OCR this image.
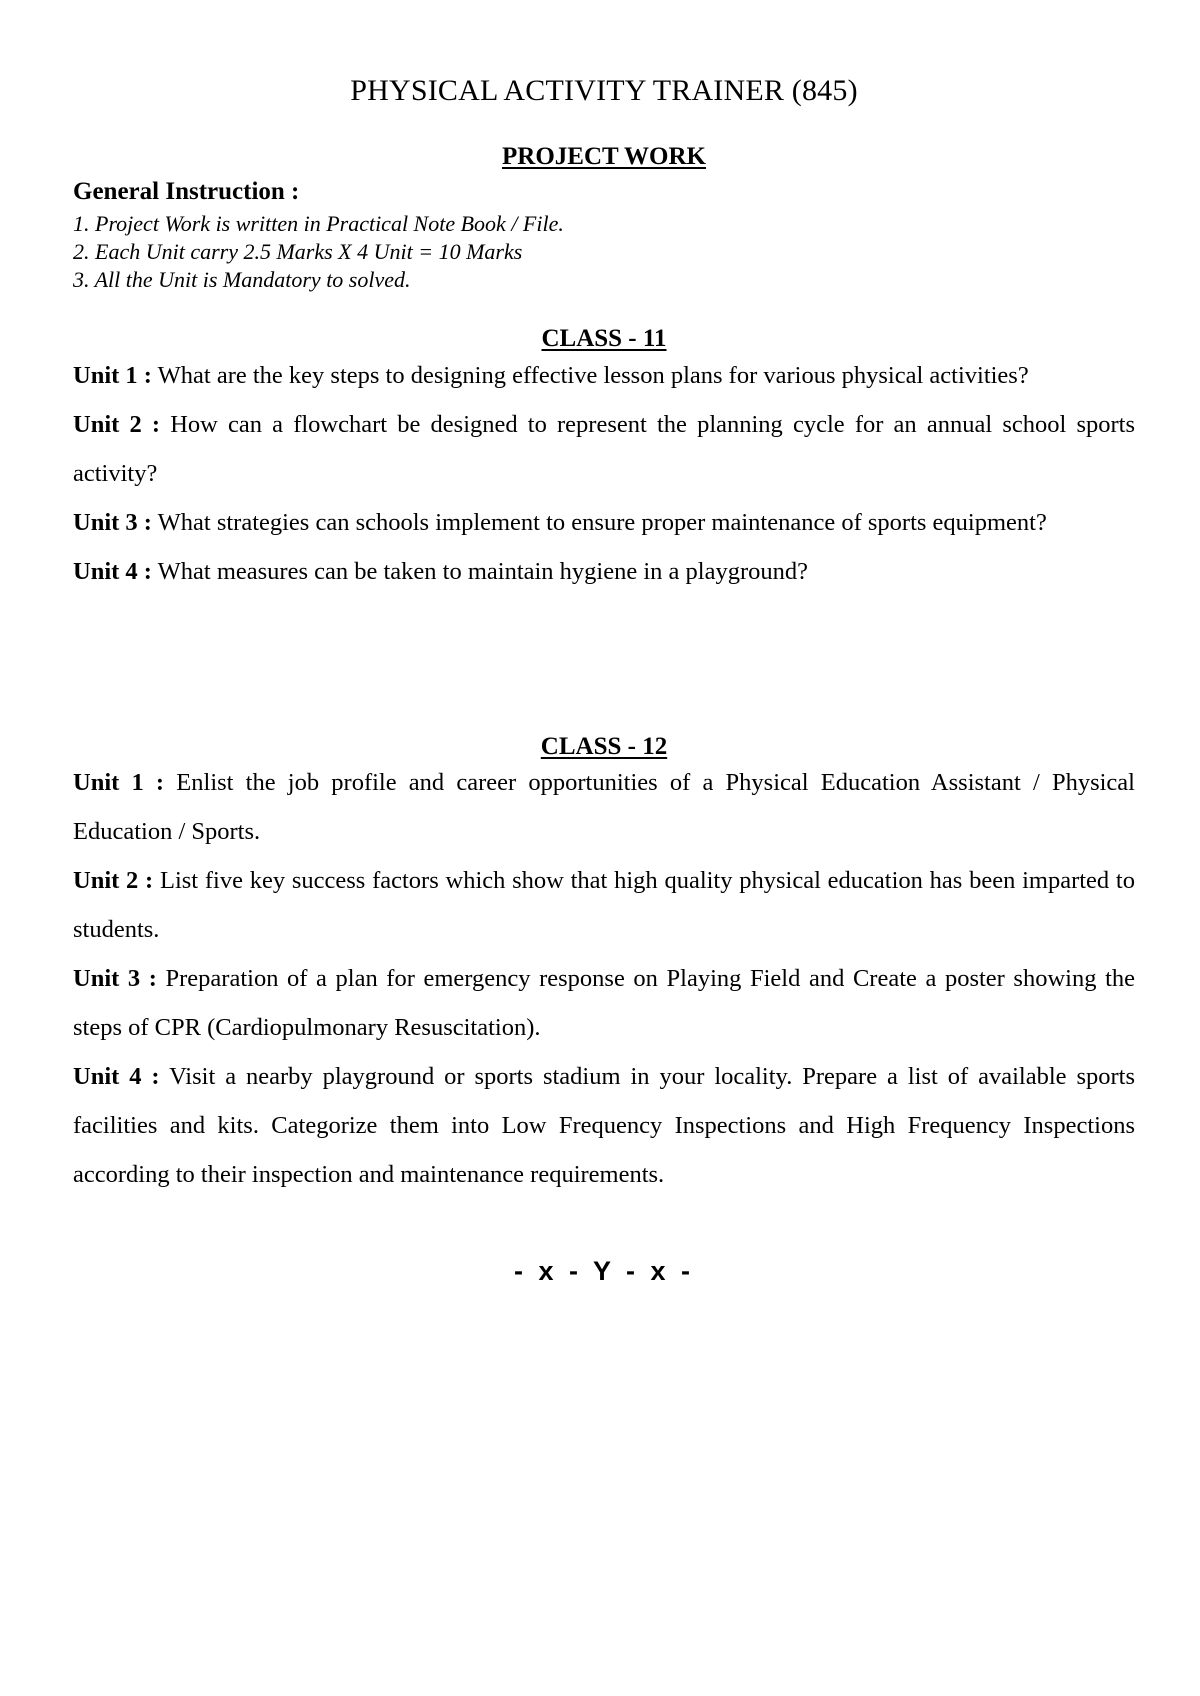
PHYSICAL ACTIVITY TRAINER (845)
PROJECT WORK
General Instruction :
1. Project Work is written in Practical Note Book / File.
2. Each Unit carry 2.5 Marks X 4 Unit = 10 Marks
3. All the Unit is Mandatory to solved.
CLASS - 11

Unit 1 : What are the key steps to designing effective lesson plans for various physical activities?

Unit 2 : How can a flowchart be designed to represent the planning cycle for an annual school sports activity?

Unit 3 : What strategies can schools implement to ensure proper maintenance of sports equipment?

Unit 4 : What measures can be taken to maintain hygiene in a playground?

CLASS - 12

Unit 1 : Enlist the job profile and career opportunities of a Physical Education Assistant / Physical Education / Sports.

Unit 2 : List five key success factors which show that high quality physical education has been imparted to students.

Unit 3 : Preparation of a plan for emergency response on Playing Field and Create a poster showing the steps of CPR (Cardiopulmonary Resuscitation).

Unit 4 : Visit a nearby playground or sports stadium in your locality. Prepare a list of available sports facilities and kits. Categorize them into Low Frequency Inspections and High Frequency Inspections according to their inspection and maintenance requirements.

- x - Y - x -
